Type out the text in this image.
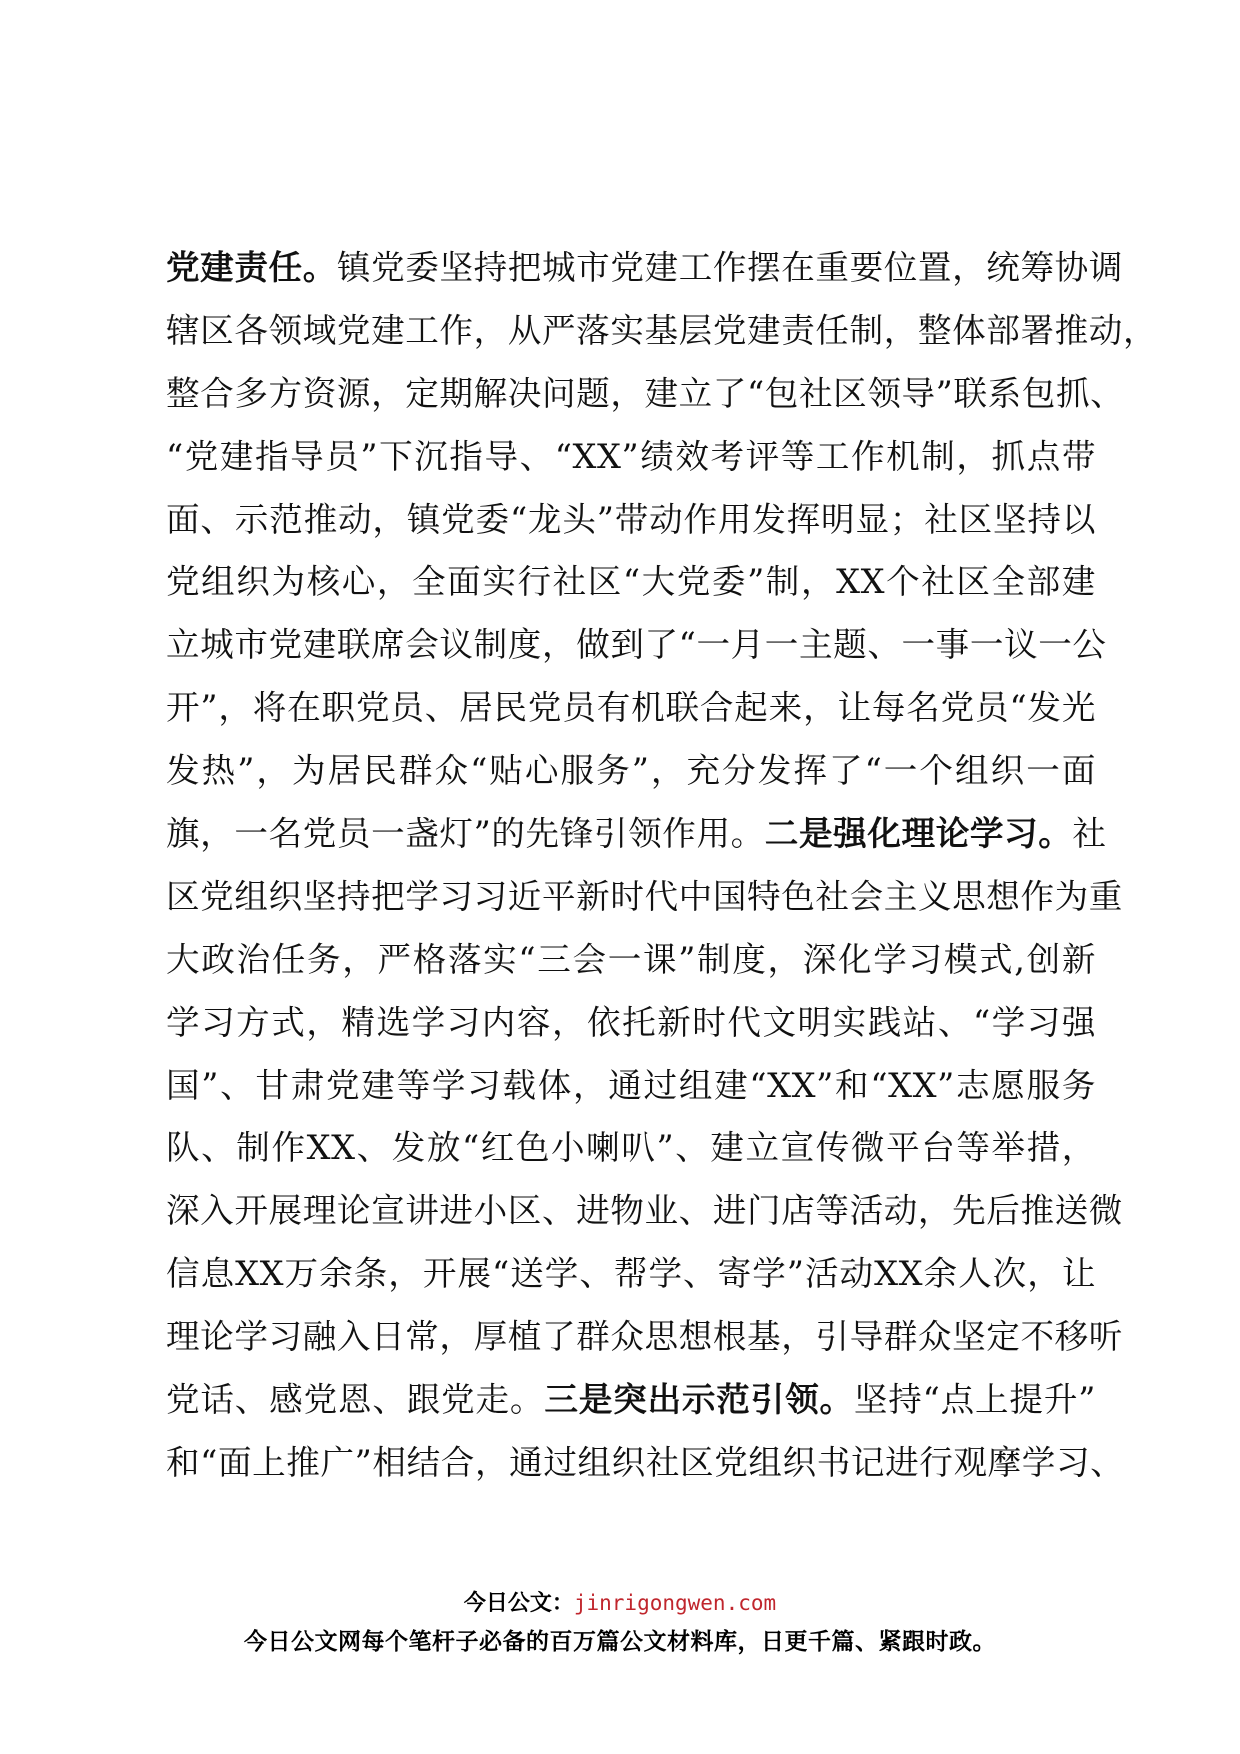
党建责任。镇党委坚持把城市党建工作摆在重要位置，统筹协调
辖区各领域党建工作，从严落实基层党建责任制，整体部署推动，
整合多方资源，定期解决问题，建立了“包社区领导”联系包抓、
“党建指导员”下沉指导、“XX”绩效考评等工作机制，抓点带
面、示范推动，镇党委“龙头”带动作用发挥明显；社区坚持以
党组织为核心，全面实行社区“大党委”制，XX个社区全部建
立城市党建联席会议制度，做到了“一月一主题、一事一议一公
开”，将在职党员、居民党员有机联合起来，让每名党员“发光
发热”，为居民群众“贴心服务”，充分发挥了“一个组织一面
旗，一名党员一盏灯”的先锋引领作用。二是强化理论学习。社
区党组织坚持把学习习近平新时代中国特色社会主义思想作为重
大政治任务，严格落实“三会一课”制度，深化学习模式,创新
学习方式，精选学习内容，依托新时代文明实践站、“学习强
国”、甘肃党建等学习载体，通过组建“XX”和“XX”志愿服务
队、制作XX、发放“红色小喇叭”、建立宣传微平台等举措，
深入开展理论宣讲进小区、进物业、进门店等活动，先后推送微
信息XX万余条，开展“送学、帮学、寄学”活动XX余人次，让
理论学习融入日常，厚植了群众思想根基，引导群众坚定不移听
党话、感党恩、跟党走。三是突出示范引领。坚持“点上提升”
和“面上推广”相结合，通过组织社区党组织书记进行观摩学习、
今日公文：jinrigongwen.com
今日公文网每个笔杆子必备的百万篇公文材料库，日更千篇、紧跟时政。
